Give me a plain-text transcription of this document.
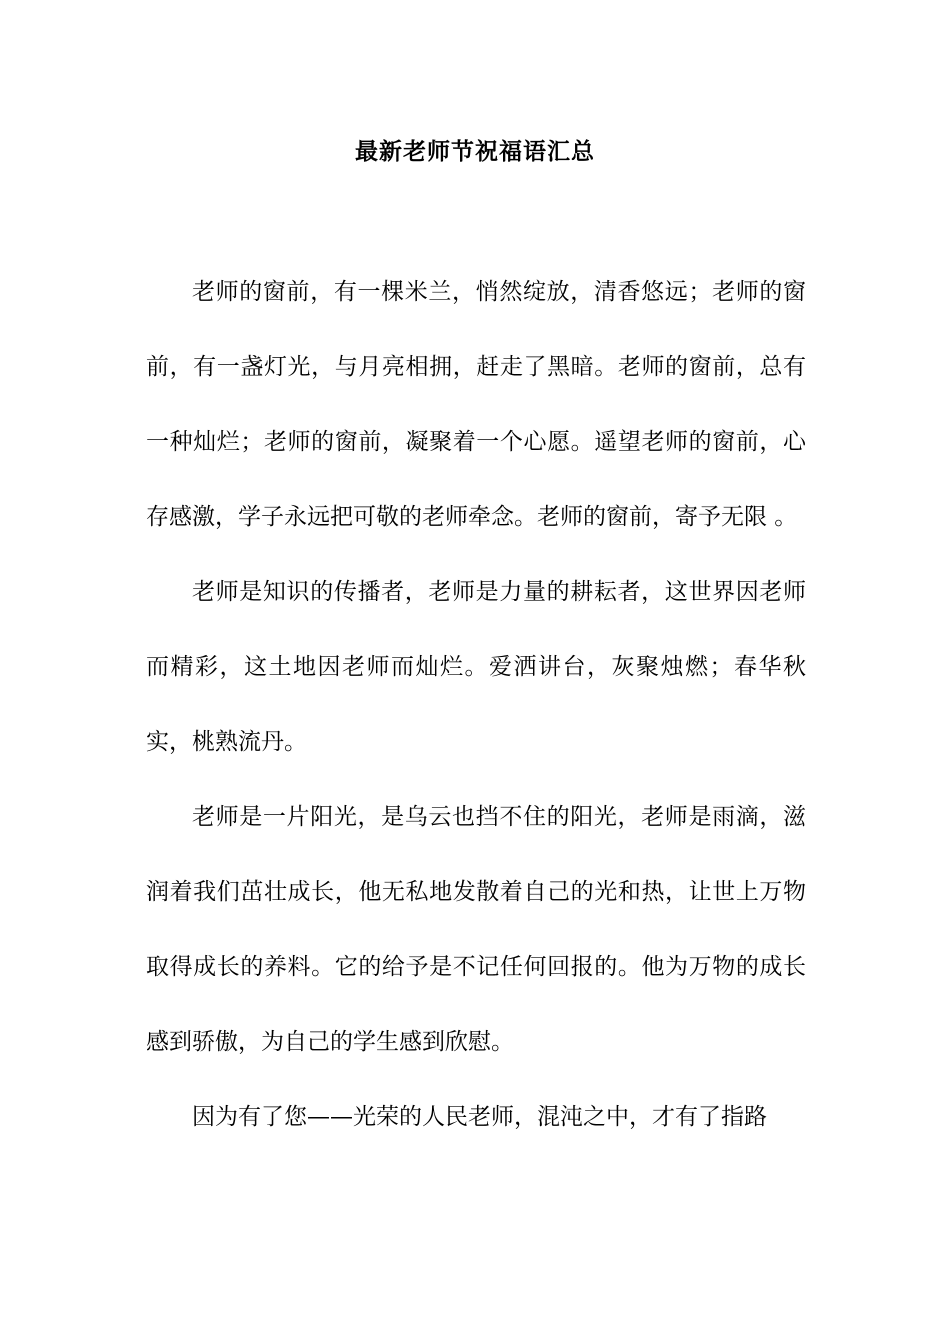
最新老师节祝福语汇总

老师的窗前，有一棵米兰，悄然绽放，清香悠远；老师的窗前，有一盏灯光，与月亮相拥，赶走了黑暗。老师的窗前，总有一种灿烂；老师的窗前，凝聚着一个心愿。遥望老师的窗前，心存感激，学子永远把可敬的老师牵念。老师的窗前，寄予无限 。

老师是知识的传播者，老师是力量的耕耘者，这世界因老师而精彩，这土地因老师而灿烂。爱洒讲台，灰聚烛燃；春华秋实，桃熟流丹。

老师是一片阳光，是乌云也挡不住的阳光，老师是雨滴，滋润着我们茁壮成长，他无私地发散着自己的光和热，让世上万物取得成长的养料。它的给予是不记任何回报的。他为万物的成长感到骄傲，为自己的学生感到欣慰。

因为有了您——光荣的人民老师，混沌之中，才有了指路
